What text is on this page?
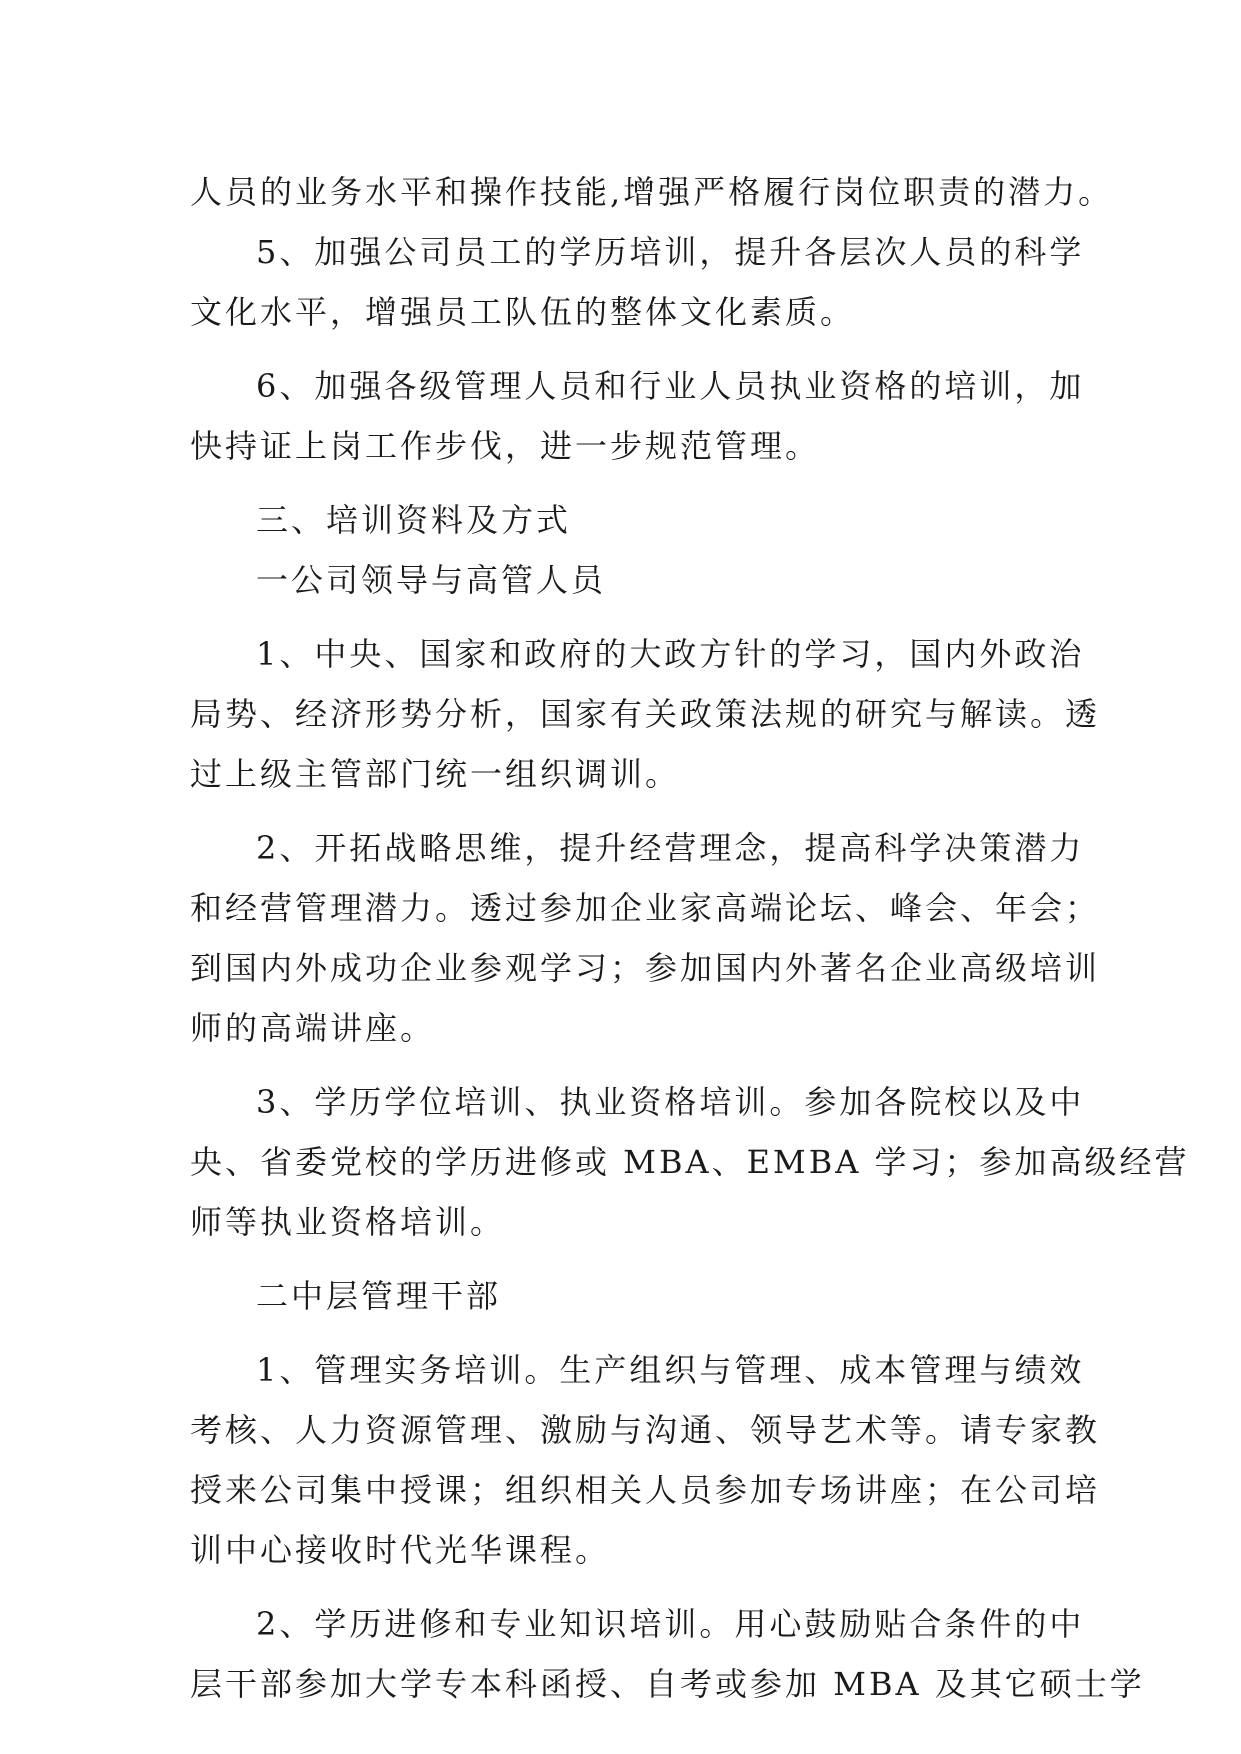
人员的业务水平和操作技能,增强严格履行岗位职责的潜力。
5、加强公司员工的学历培训，提升各层次人员的科学
文化水平，增强员工队伍的整体文化素质。
6、加强各级管理人员和行业人员执业资格的培训，加
快持证上岗工作步伐，进一步规范管理。
三、培训资料及方式
一公司领导与高管人员
1、中央、国家和政府的大政方针的学习，国内外政治
局势、经济形势分析，国家有关政策法规的研究与解读。透
过上级主管部门统一组织调训。
2、开拓战略思维，提升经营理念，提高科学决策潜力
和经营管理潜力。透过参加企业家高端论坛、峰会、年会；
到国内外成功企业参观学习；参加国内外著名企业高级培训
师的高端讲座。
3、学历学位培训、执业资格培训。参加各院校以及中
央、省委党校的学历进修或 MBA、EMBA 学习；参加高级经营
师等执业资格培训。
二中层管理干部
1、管理实务培训。生产组织与管理、成本管理与绩效
考核、人力资源管理、激励与沟通、领导艺术等。请专家教
授来公司集中授课；组织相关人员参加专场讲座；在公司培
训中心接收时代光华课程。
2、学历进修和专业知识培训。用心鼓励贴合条件的中
层干部参加大学专本科函授、自考或参加 MBA 及其它硕士学
